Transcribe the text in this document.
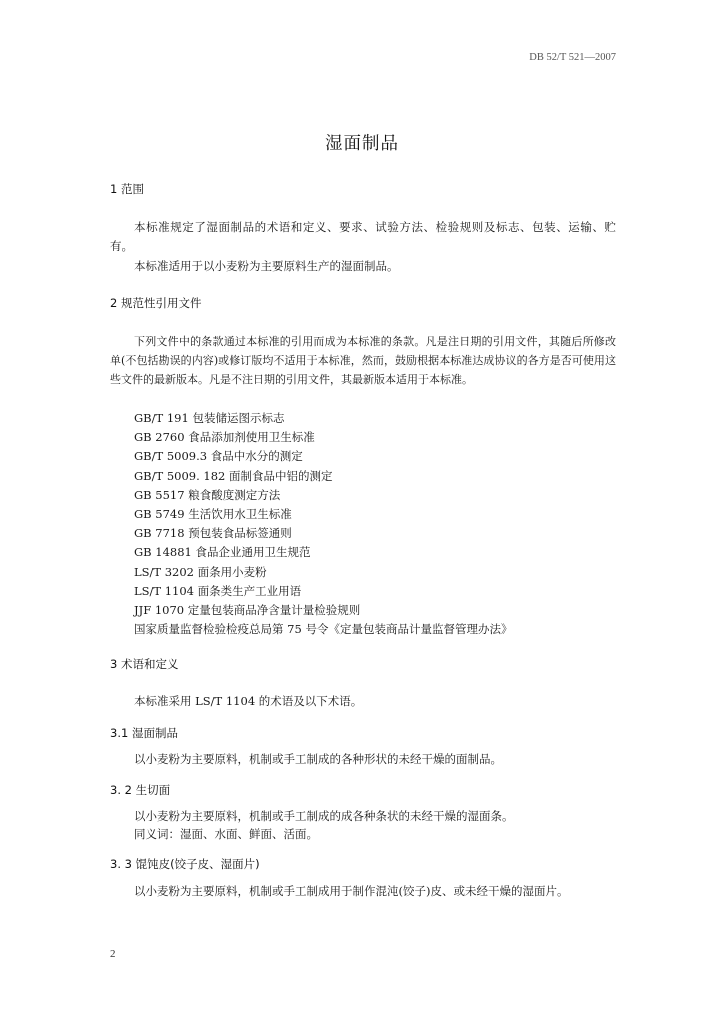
DB 52/T 521—2007
湿面制品
1 范围
本标准规定了湿面制品的术语和定义、要求、试验方法、检验规则及标志、包装、运输、贮有。
本标准适用于以小麦粉为主要原料生产的湿面制品。
2 规范性引用文件
下列文件中的条款通过本标准的引用而成为本标准的条款。凡是注日期的引用文件，其随后所修改单(不包括勘误的内容)或修订版均不适用于本标准，然而，鼓励根据本标准达成协议的各方是否可使用这些文件的最新版本。凡是不注日期的引用文件，其最新版本适用于本标准。
GB/T 191 包装储运图示标志
GB 2760 食品添加剂使用卫生标准
GB/T 5009.3 食品中水分的测定
GB/T 5009. 182 面制食品中铝的测定
GB 5517 粮食酸度测定方法
GB 5749 生活饮用水卫生标准
GB 7718 预包装食品标签通则
GB 14881 食品企业通用卫生规范
LS/T 3202 面条用小麦粉
LS/T 1104 面条类生产工业用语
JJF 1070 定量包装商品净含量计量检验规则
国家质量监督检验检疫总局第 75 号令《定量包装商品计量监督管理办法》
3 术语和定义
本标准采用 LS/T 1104 的术语及以下术语。
3.1 湿面制品
以小麦粉为主要原料，机制或手工制成的各种形状的未经干燥的面制品。
3. 2 生切面
以小麦粉为主要原料，机制或手工制成的成各种条状的未经干燥的湿面条。
同义词：湿面、水面、鲜面、活面。
3. 3 馄饨皮(饺子皮、湿面片)
以小麦粉为主要原料，机制或手工制成用于制作混沌(饺子)皮、或未经干燥的湿面片。
2
